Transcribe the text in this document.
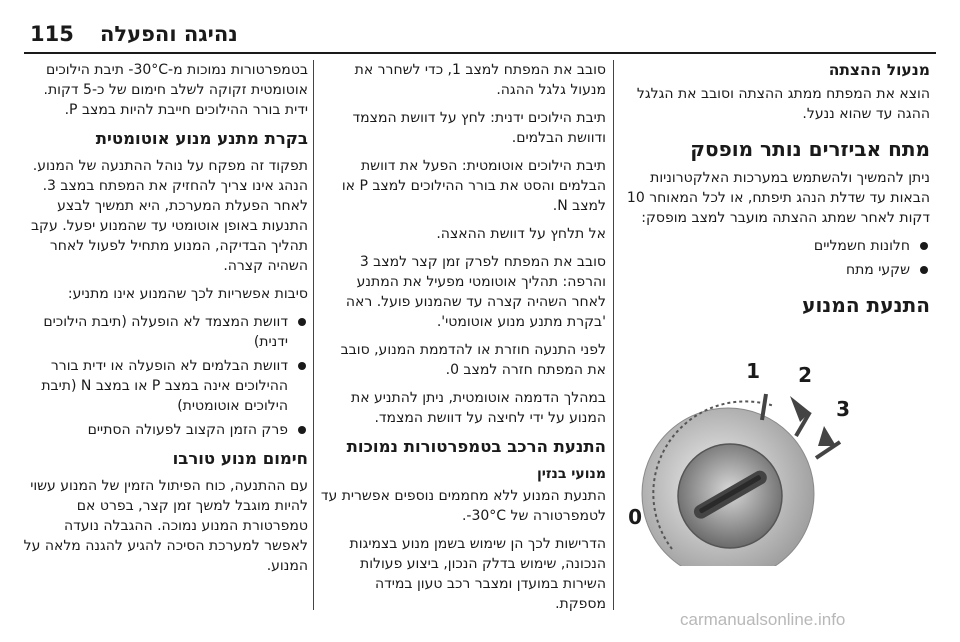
115 נהיגה והפעלה
מנעול ההצתה
הוצא את המפתח ממתג ההצתה וסובב את הגלגל ההגה עד שהוא ננעל.
מתח אביזרים נותר מופסק
ניתן להמשיך ולהשתמש במערכות האלקטרוניות הבאות עד שדלת הנהג תיפתח, או לכל המאוחר 10 דקות לאחר שמתג ההצתה מועבר למצב מופסק:
חלונות חשמליים
שקעי מתח
התנעת המנוע
1 2
3
0
סובב את המפתח למצב 1, כדי לשחרר את מנעול גלגל ההגה.
תיבת הילוכים ידנית: לחץ על דוושת המצמד ודוושת הבלמים.
תיבת הילוכים אוטומטית: הפעל את דוושת הבלמים והסט את בורר ההילוכים למצב P או למצב N.
אל תלחץ על דוושת ההאצה.
סובב את המפתח לפרק זמן קצר למצב 3 והרפה: תהליך אוטומטי מפעיל את המתנע לאחר השהיה קצרה עד שהמנוע פועל. ראה 'בקרת מתנע מנוע אוטומטי'.
לפני התנעה חוזרת או להדממת המנוע, סובב את המפתח חזרה למצב 0.
במהלך הדממה אוטומטית, ניתן להתניע את המנוע על ידי לחיצה על דוושת המצמד.
התנעת הרכב בטמפרטורות נמוכות
מנועי בנזין
התנעת המנוע ללא מחממים נוספים אפשרית עד לטמפרטורה של ‎-30°C.
הדרישות לכך הן שימוש בשמן מנוע בצמיגות הנכונה, שימוש בדלק הנכון, ביצוע פעולות השירות במועדן ומצבר רכב טעון במידה מספקת.
בטמפרטורות נמוכות מ-‎-30°C תיבת הילוכים אוטומטית זקוקה לשלב חימום של כ-5 דקות. ידית בורר ההילוכים חייבת להיות במצב P.
בקרת מתנע מנוע אוטומטית
תפקוד זה מפקח על נוהל ההתנעה של המנוע. הנהג אינו צריך להחזיק את המפתח במצב 3. לאחר הפעלת המערכת, היא תמשיך לבצע התנעות באופן אוטומטי עד שהמנוע יפעל. עקב תהליך הבדיקה, המנוע מתחיל לפעול לאחר השהיה קצרה.
סיבות אפשריות לכך שהמנוע אינו מתניע:
דוושת המצמד לא הופעלה (תיבת הילוכים ידנית)
דוושת הבלמים לא הופעלה או ידית בורר ההילוכים אינה במצב P או במצב N (תיבת הילוכים אוטומטית)
פרק הזמן הקצוב לפעולה הסתיים
חימום מנוע טורבו
עם ההתנעה, כוח הפיתול הזמין של המנוע עשוי להיות מוגבל למשך זמן קצר, בפרט אם טמפרטורת המנוע נמוכה. ההגבלה נועדה לאפשר למערכת הסיכה להגיע להגנה מלאה על המנוע.
carmanualsonline.info
